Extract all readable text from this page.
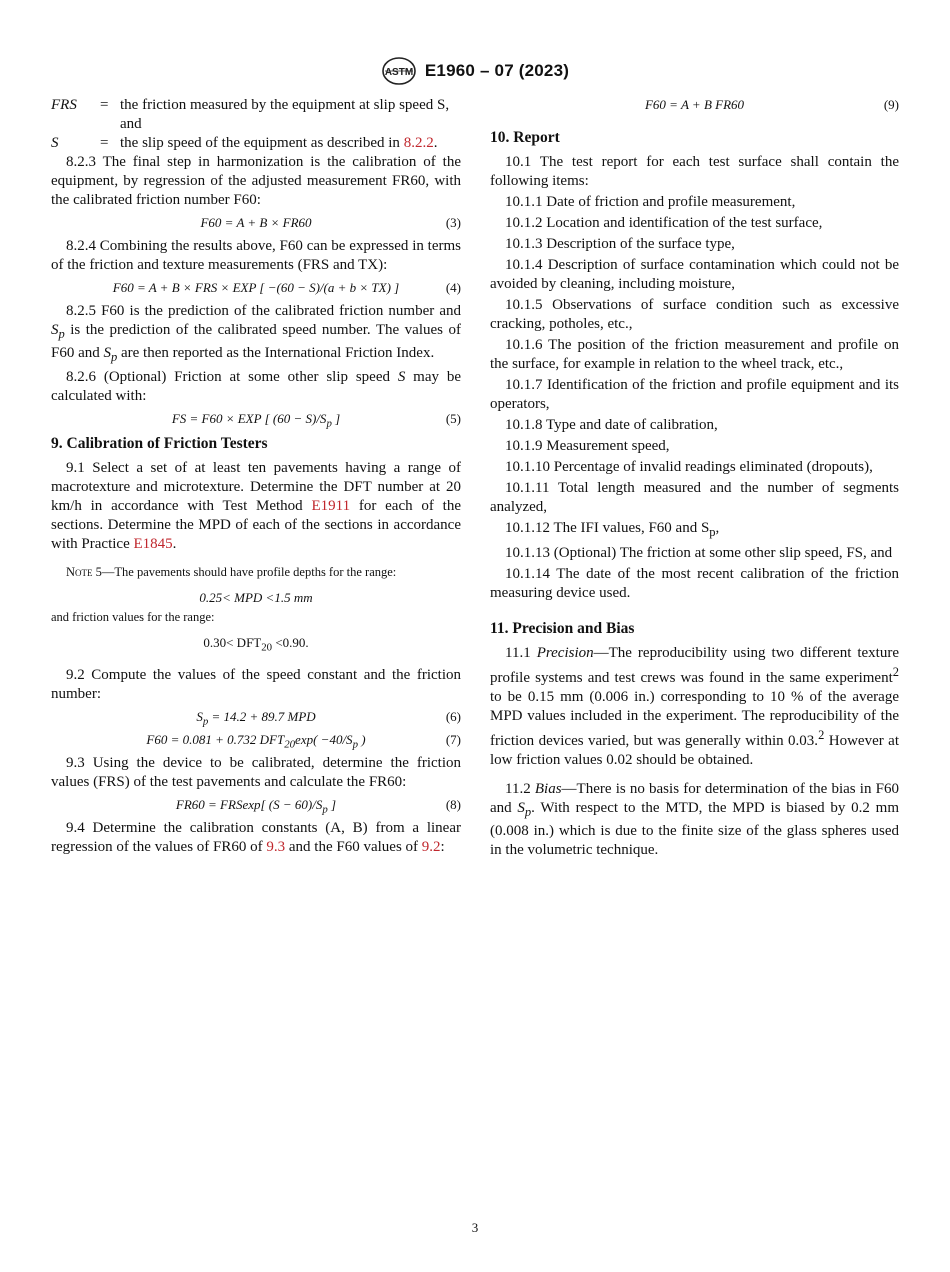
ASTM E1960 – 07 (2023)
FRS	= the friction measured by the equipment at slip speed S, and
S	= the slip speed of the equipment as described in 8.2.2.

8.2.3 The final step in harmonization is the calibration of the equipment, by regression of the adjusted measurement FR60, with the calibrated friction number F60:

F60 = A + B × FR60	(3)

8.2.4 Combining the results above, F60 can be expressed in terms of the friction and texture measurements (FRS and TX):

F60 = A + B × FRS × EXP [ −(60 − S)/(a + b × TX) ]	(4)

8.2.5 F60 is the prediction of the calibrated friction number and $S_p$ is the prediction of the calibrated speed number. The values of F60 and $S_p$ are then reported as the International Friction Index.

8.2.6 (Optional) Friction at some other slip speed S may be calculated with:

FS = F60 × EXP [ $(60 - S)/S_p$ ]	(5)
9. Calibration of Friction Testers

9.1 Select a set of at least ten pavements having a range of macrotexture and microtexture. Determine the DFT number at 20 km/h in accordance with Test Method E1911 for each of the sections. Determine the MPD of each of the sections in accordance with Practice E1845.

Note 5—The pavements should have profile depths for the range:
0.25< MPD <1.5 mm
and friction values for the range:
$0.30< DFT_{20} <0.90$.

9.2 Compute the values of the speed constant and the friction number:

$S_p = 14.2 + 89.7$ MPD	(6)
F60 = 0.081 + 0.732 $DFT_{20}\exp( -40/S_p$ )	(7)

9.3 Using the device to be calibrated, determine the friction values (FRS) of the test pavements and calculate the FR60:

FR60 = FRSexp[ $(S - 60)/S_p$ ]	(8)

9.4 Determine the calibration constants (A, B) from a linear regression of the values of FR60 of 9.3 and the F60 values of 9.2:

F60 = A + B FR60	(9)
10. Report

10.1 The test report for each test surface shall contain the following items:

10.1.1 Date of friction and profile measurement,

10.1.2 Location and identification of the test surface,

10.1.3 Description of the surface type,

10.1.4 Description of surface contamination which could not be avoided by cleaning, including moisture,

10.1.5 Observations of surface condition such as excessive cracking, potholes, etc.,

10.1.6 The position of the friction measurement and profile on the surface, for example in relation to the wheel track, etc.,

10.1.7 Identification of the friction and profile equipment and its operators,

10.1.8 Type and date of calibration,

10.1.9 Measurement speed,

10.1.10 Percentage of invalid readings eliminated (dropouts),

10.1.11 Total length measured and the number of segments analyzed,

10.1.12 The IFI values, F60 and $S_p$,

10.1.13 (Optional) The friction at some other slip speed, FS, and

10.1.14 The date of the most recent calibration of the friction measuring device used.

11. Precision and Bias

11.1 Precision—The reproducibility using two different texture profile systems and test crews was found in the same experiment$^2$ to be 0.15 mm (0.006 in.) corresponding to 10 % of the average MPD values included in the experiment. The reproducibility of the friction devices varied, but was generally within 0.03.$^2$ However at low friction values 0.02 should be obtained.

11.2 Bias—There is no basis for determination of the bias in F60 and $S_p$. With respect to the MTD, the MPD is biased by 0.2 mm (0.008 in.) which is due to the finite size of the glass spheres used in the volumetric technique.

3
